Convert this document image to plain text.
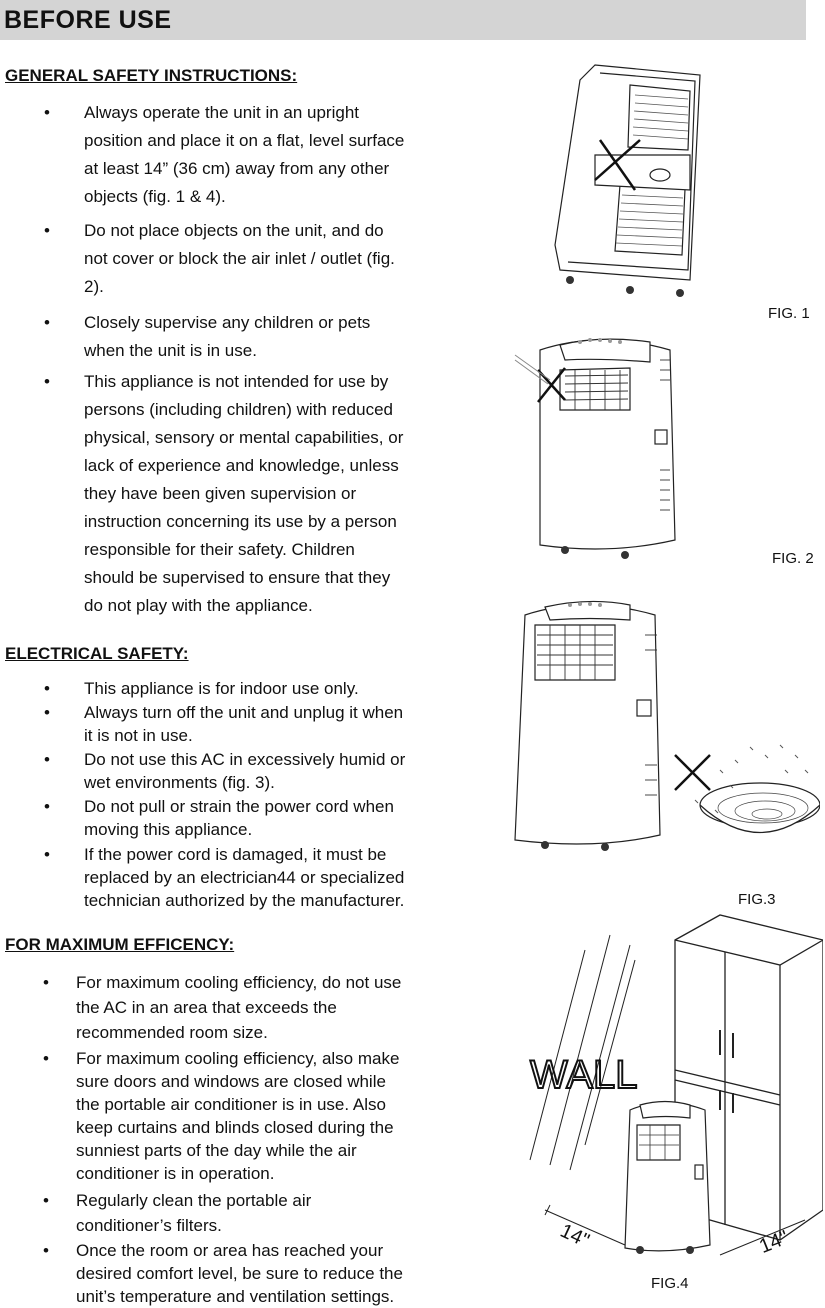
BEFORE USE
GENERAL SAFETY INSTRUCTIONS:
• Always operate the unit in an upright
position and place it on a flat, level surface
at least 14” (36 cm) away from any other
objects (fig. 1 & 4).
• Do not place objects on the unit, and do
not cover or block the air inlet / outlet (fig.
2).
• Closely supervise any children or pets
when the unit is in use.
• This appliance is not intended for use by
persons (including children) with reduced
physical, sensory or mental capabilities, or
lack of experience and knowledge, unless
they have been given supervision or
instruction concerning its use by a person
responsible for their safety. Children
should be supervised to ensure that they
do not play with the appliance.
ELECTRICAL SAFETY:
• This appliance is for indoor use only.
• Always turn off the unit and unplug it when
it is not in use.
• Do not use this AC in excessively humid or
wet environments (fig. 3).
• Do not pull or strain the power cord when
moving this appliance.
• If the power cord is damaged, it must be
replaced by an electrician44 or specialized
technician authorized by the manufacturer.
FOR MAXIMUM EFFICENCY:
• For maximum cooling efficiency, do not use
the AC in an area that exceeds the
recommended room size.
• For maximum cooling efficiency, also make
sure doors and windows are closed while
the portable air conditioner is in use. Also
keep curtains and blinds closed during the
sunniest parts of the day while the air
conditioner is in operation.
• Regularly clean the portable air
conditioner’s filters.
• Once the room or area has reached your
desired comfort level, be sure to reduce the
unit’s temperature and ventilation settings.
FIG. 1
FIG. 2
FIG.3
WALL
14"	14"
FIG.4
